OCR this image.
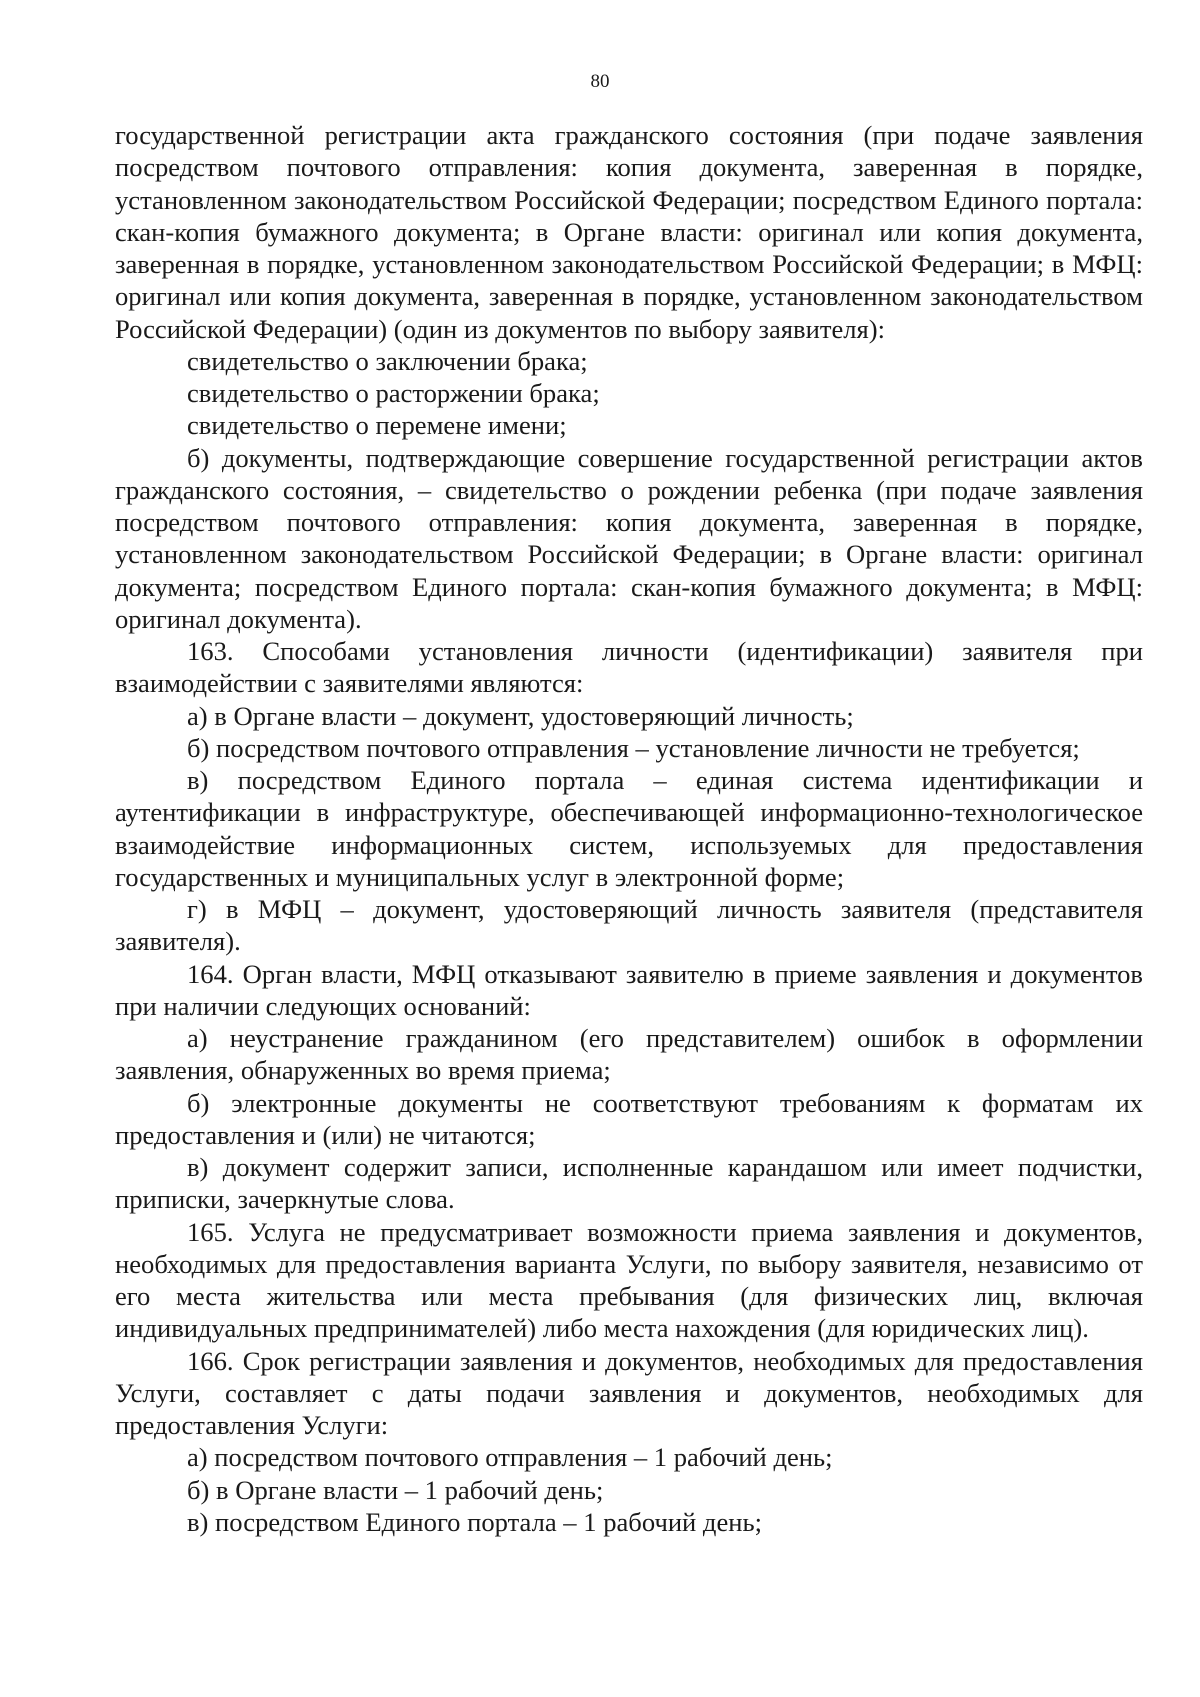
80

государственной регистрации акта гражданского состояния (при подаче заявления посредством почтового отправления: копия документа, заверенная в порядке, установленном законодательством Российской Федерации; посредством Единого портала: скан-копия бумажного документа; в Органе власти: оригинал или копия документа, заверенная в порядке, установленном законодательством Российской Федерации; в МФЦ: оригинал или копия документа, заверенная в порядке, установленном законодательством Российской Федерации) (один из документов по выбору заявителя):

свидетельство о заключении брака;

свидетельство о расторжении брака;

свидетельство о перемене имени;

б) документы, подтверждающие совершение государственной регистрации актов гражданского состояния, – свидетельство о рождении ребенка (при подаче заявления посредством почтового отправления: копия документа, заверенная в порядке, установленном законодательством Российской Федерации; в Органе власти: оригинал документа; посредством Единого портала: скан-копия бумажного документа; в МФЦ: оригинал документа).

163. Способами установления личности (идентификации) заявителя при взаимодействии с заявителями являются:

а) в Органе власти – документ, удостоверяющий личность;

б) посредством почтового отправления – установление личности не требуется;

в) посредством Единого портала – единая система идентификации и аутентификации в инфраструктуре, обеспечивающей информационно-технологическое взаимодействие информационных систем, используемых для предоставления государственных и муниципальных услуг в электронной форме;

г) в МФЦ – документ, удостоверяющий личность заявителя (представителя заявителя).

164. Орган власти, МФЦ отказывают заявителю в приеме заявления и документов при наличии следующих оснований:

а) неустранение гражданином (его представителем) ошибок в оформлении заявления, обнаруженных во время приема;

б) электронные документы не соответствуют требованиям к форматам их предоставления и (или) не читаются;

в) документ содержит записи, исполненные карандашом или имеет подчистки, приписки, зачеркнутые слова.

165. Услуга не предусматривает возможности приема заявления и документов, необходимых для предоставления варианта Услуги, по выбору заявителя, независимо от его места жительства или места пребывания (для физических лиц, включая индивидуальных предпринимателей) либо места нахождения (для юридических лиц).

166. Срок регистрации заявления и документов, необходимых для предоставления Услуги, составляет с даты подачи заявления и документов, необходимых для предоставления Услуги:

а) посредством почтового отправления – 1 рабочий день;

б) в Органе власти – 1 рабочий день;

в) посредством Единого портала – 1 рабочий день;
